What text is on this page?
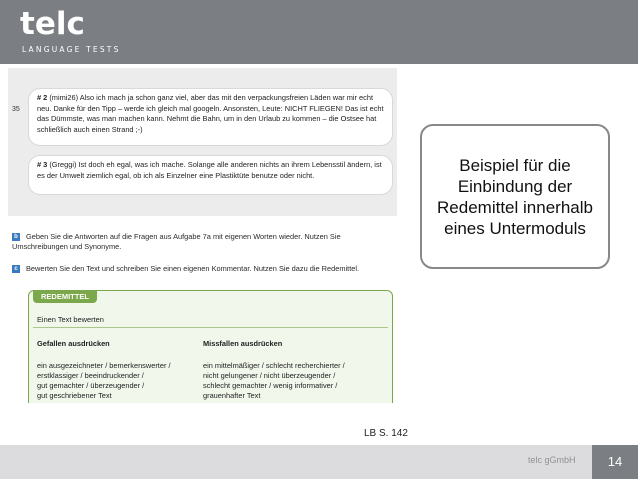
telc
LANGUAGE TESTS
35
# 2 (mimi26) Also ich mach ja schon ganz viel, aber das mit den verpackungsfreien Läden war mir echt neu. Danke für den Tipp – werde ich gleich mal googeln. Ansonsten, Leute: NICHT FLIEGEN! Das ist echt das Dümmste, was man machen kann. Nehmt die Bahn, um in den Urlaub zu kommen – die Ostsee hat schließlich auch einen Strand ;-)
# 3 (Greggi) Ist doch eh egal, was ich mache. Solange alle anderen nichts an ihrem Lebensstil ändern, ist es der Umwelt ziemlich egal, ob ich als Einzelner eine Plastiktüte benutze oder nicht.
b Geben Sie die Antworten auf die Fragen aus Aufgabe 7a mit eigenen Worten wieder. Nutzen Sie Umschreibungen und Synonyme.
c Bewerten Sie den Text und schreiben Sie einen eigenen Kommentar. Nutzen Sie dazu die Redemittel.
REDEMITTEL
Einen Text bewerten
Gefallen ausdrücken
ein ausgezeichneter / bemerkenswerter /
erstklassiger / beeindruckender /
gut gemachter / überzeugender /
gut geschriebener Text
Missfallen ausdrücken
ein mittelmäßiger / schlecht recherchierter /
nicht gelungener / nicht überzeugender /
schlecht gemachter / wenig informativer /
grauenhafter Text
Beispiel für die Einbindung der Redemittel innerhalb eines Untermoduls
LB S. 142
telc gGmbH	14
